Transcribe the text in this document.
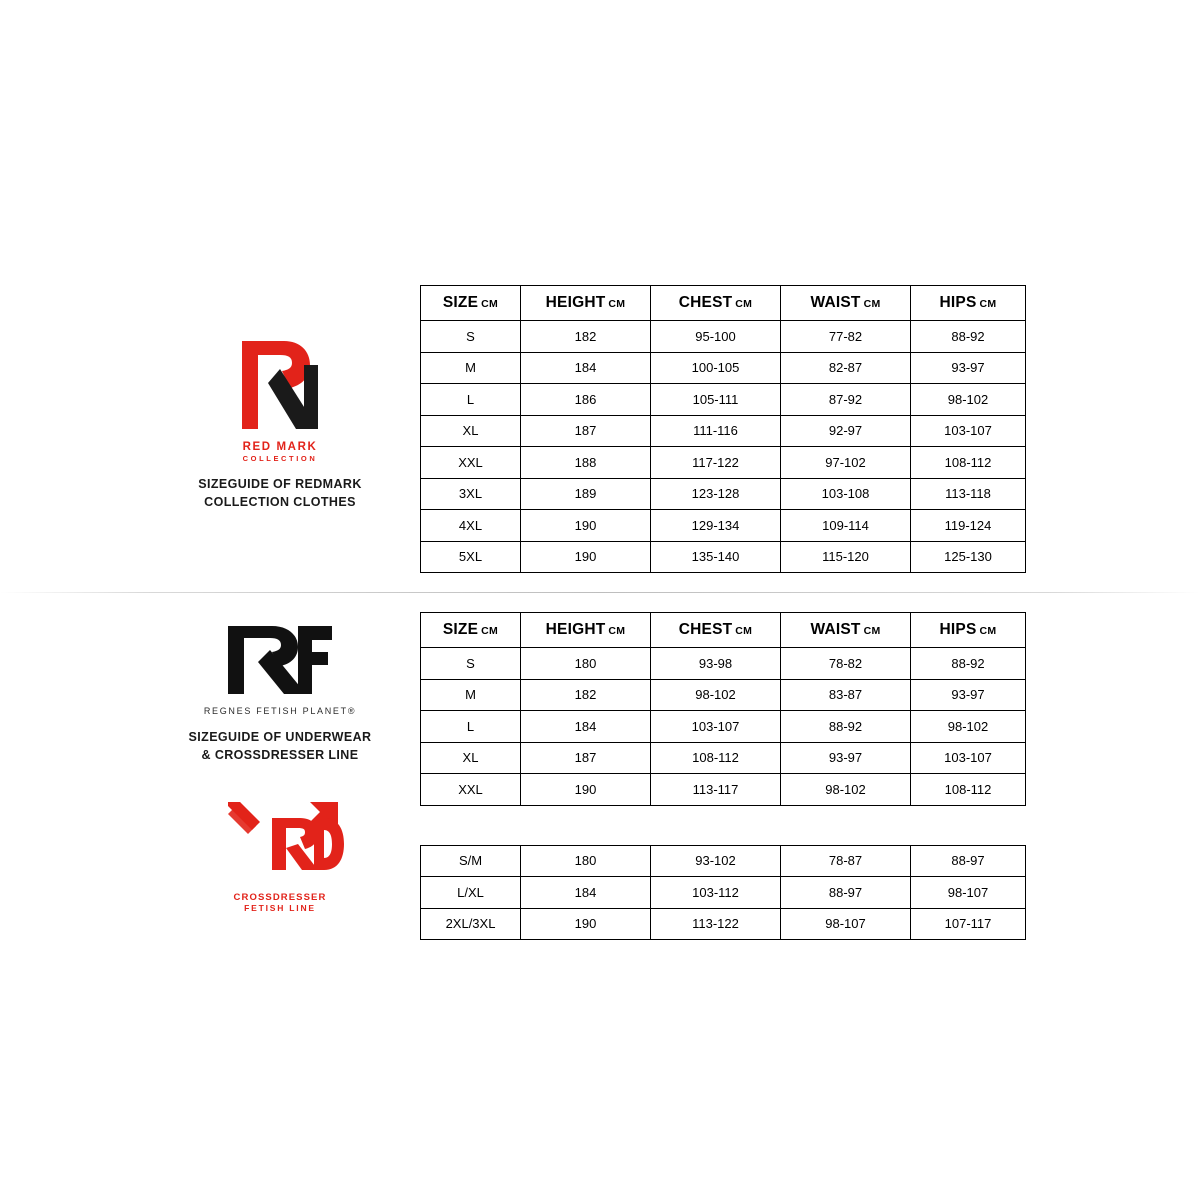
RED MARK
COLLECTION
SIZEGUIDE OF REDMARK
COLLECTION CLOTHES
SIZE CM	HEIGHT CM	CHEST CM	WAIST CM	HIPS CM
S	182	95-100	77-82	88-92
M	184	100-105	82-87	93-97
L	186	105-111	87-92	98-102
XL	187	111-116	92-97	103-107
XXL	188	117-122	97-102	108-112
3XL	189	123-128	103-108	113-118
4XL	190	129-134	109-114	119-124
5XL	190	135-140	115-120	125-130
REGNES FETISH PLANET®
SIZEGUIDE OF UNDERWEAR
& CROSSDRESSER LINE
CROSSDRESSER
FETISH LINE
SIZE CM	HEIGHT CM	CHEST CM	WAIST CM	HIPS CM
S	180	93-98	78-82	88-92
M	182	98-102	83-87	93-97
L	184	103-107	88-92	98-102
XL	187	108-112	93-97	103-107
XXL	190	113-117	98-102	108-112
S/M	180	93-102	78-87	88-97
L/XL	184	103-112	88-97	98-107
2XL/3XL	190	113-122	98-107	107-117
